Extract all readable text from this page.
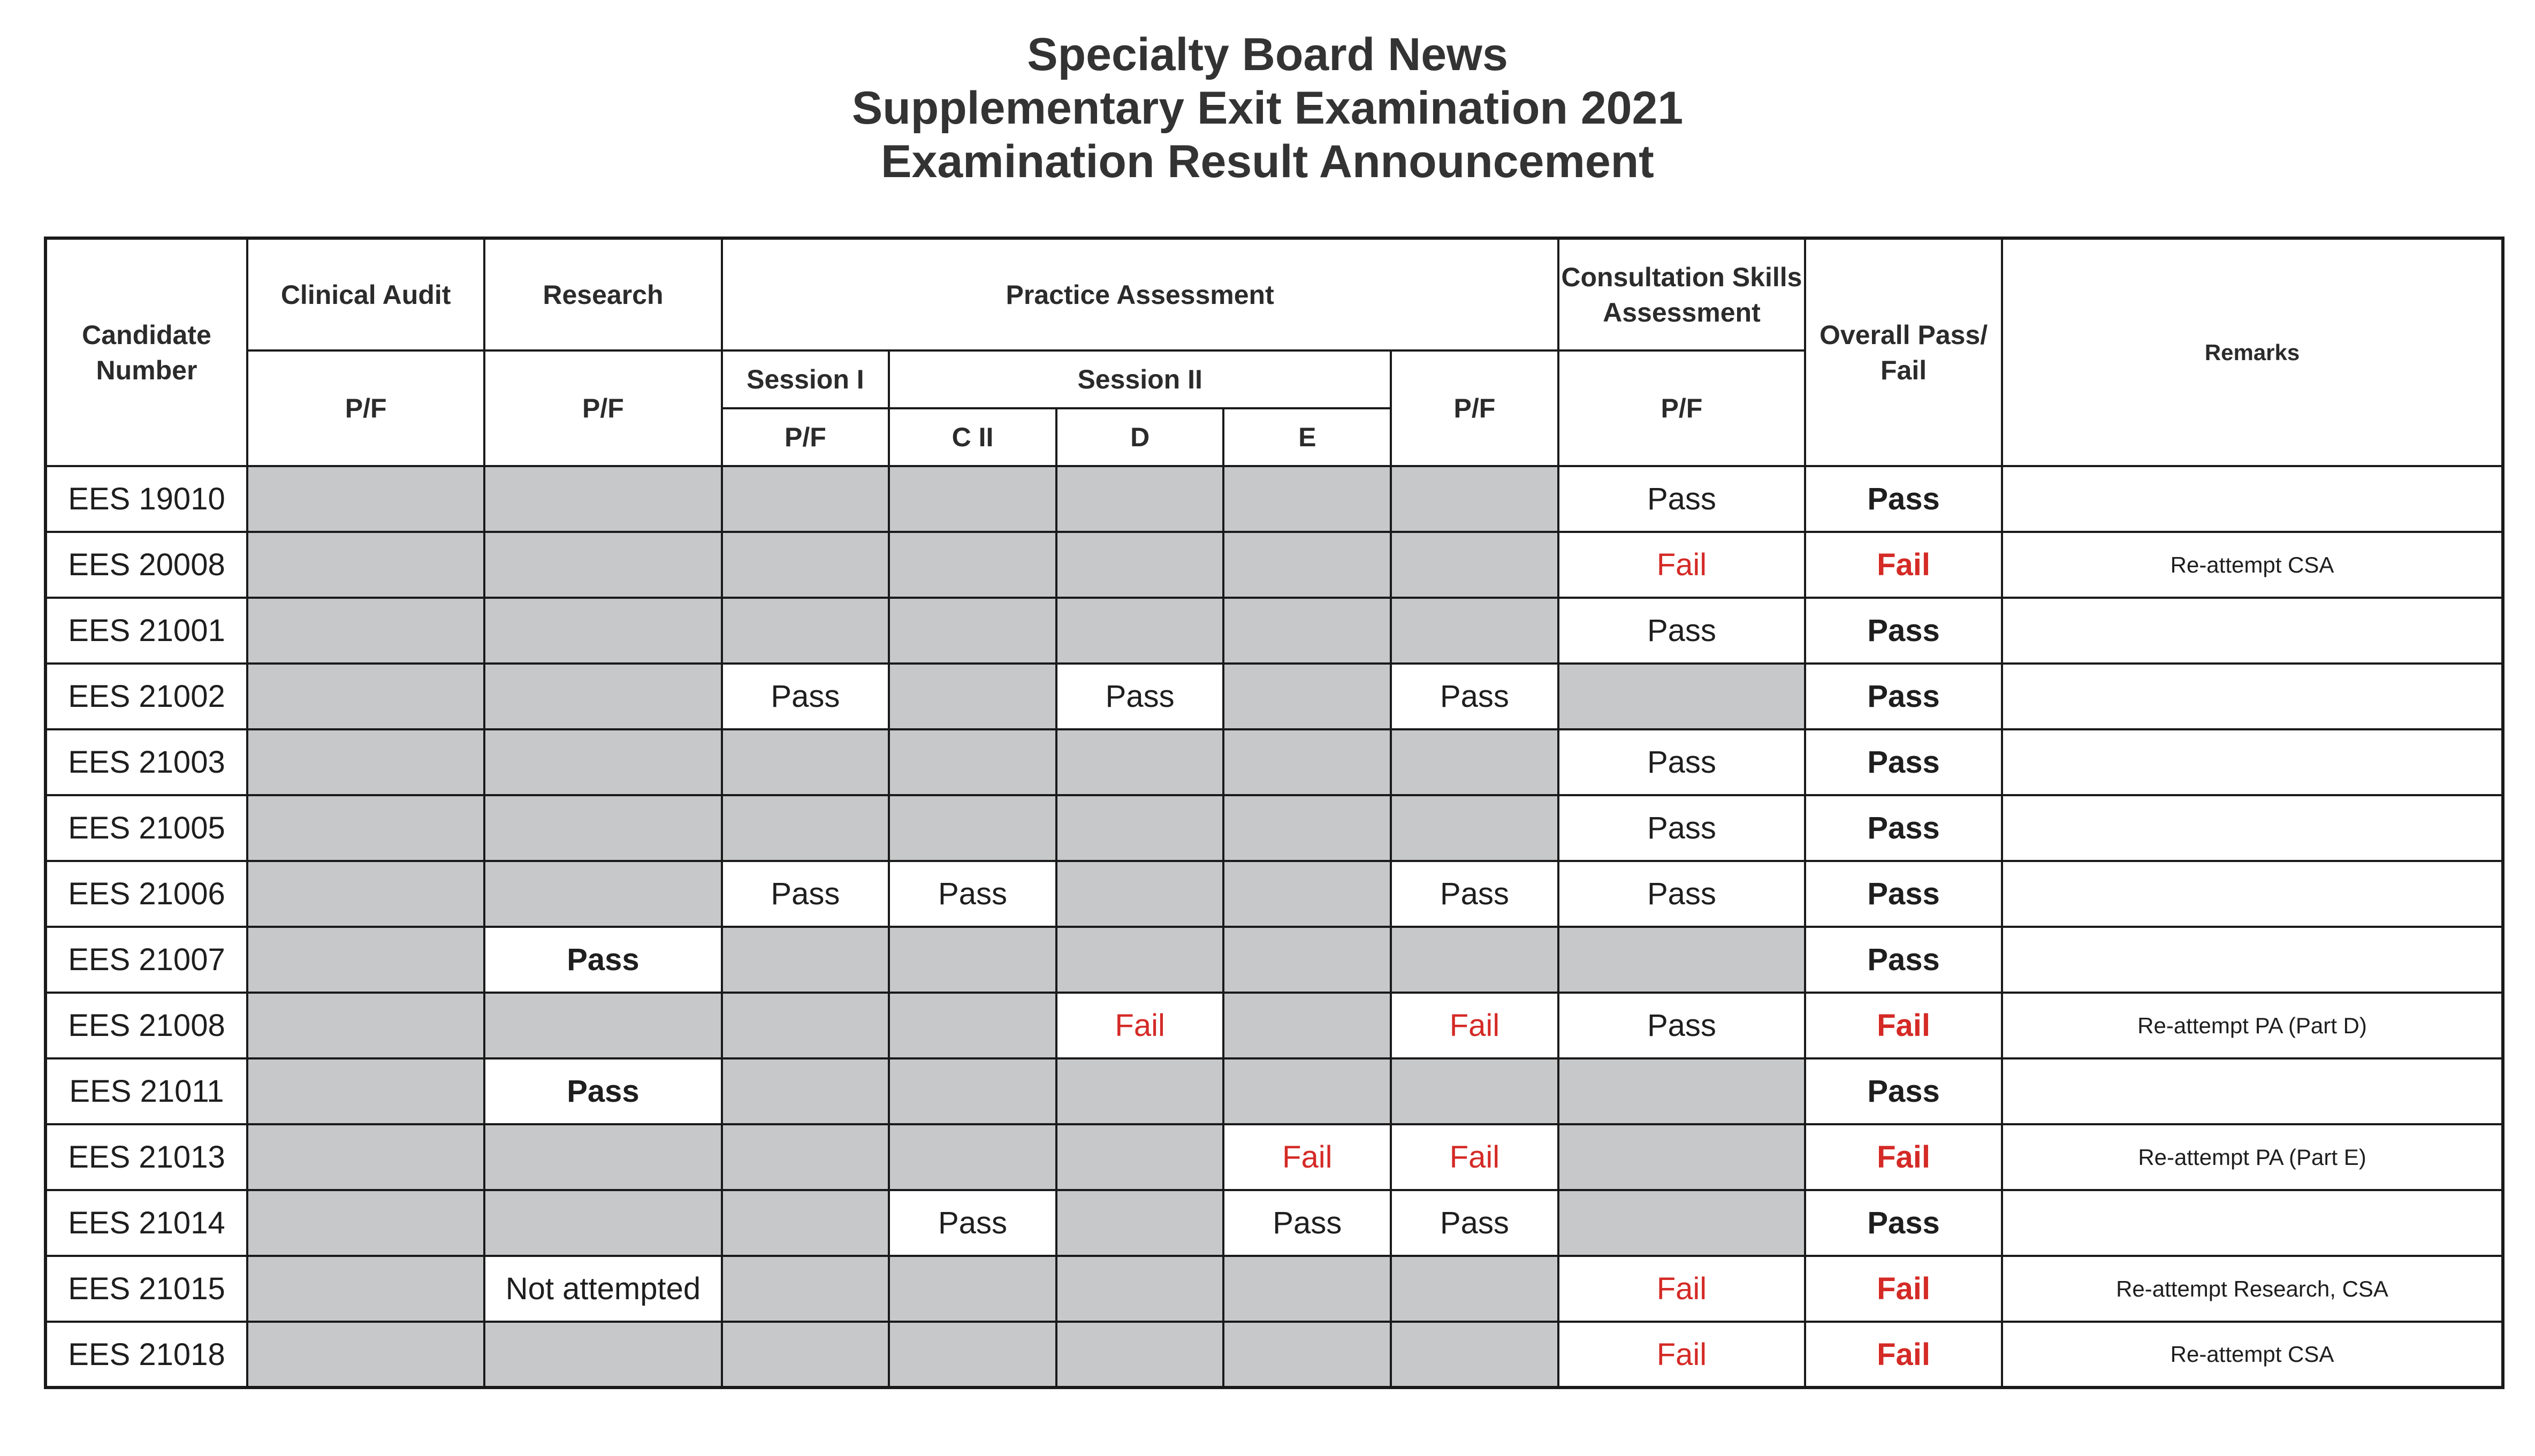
Specialty Board News
Supplementary Exit Examination 2021
Examination Result Announcement
Candidate Number	Clinical Audit	Research	Practice Assessment					Consultation Skills Assessment	Overall Pass/ Fail	Remarks
	P/F	P/F	Session I	Session II			P/F	P/F		
			P/F	C II	D	E				
EES 19010								Pass	Pass	
EES 20008								Fail	Fail	Re-attempt CSA
EES 21001								Pass	Pass	
EES 21002			Pass		Pass		Pass		Pass	
EES 21003								Pass	Pass	
EES 21005								Pass	Pass	
EES 21006			Pass	Pass			Pass	Pass	Pass	
EES 21007		Pass							Pass	
EES 21008					Fail		Fail	Pass	Fail	Re-attempt PA (Part D)
EES 21011		Pass							Pass	
EES 21013						Fail	Fail		Fail	Re-attempt PA (Part E)
EES 21014				Pass		Pass	Pass		Pass	
EES 21015		Not attempted						Fail	Fail	Re-attempt Research, CSA
EES 21018								Fail	Fail	Re-attempt CSA
